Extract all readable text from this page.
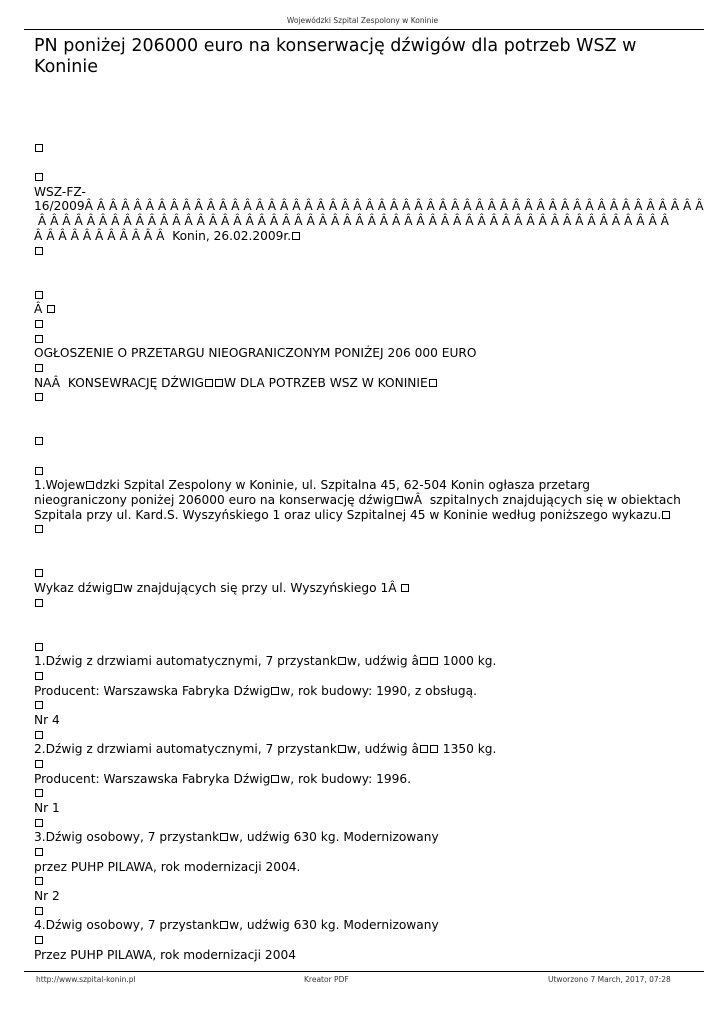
Wojewódzki Szpital Zespolony w Koninie
PN poniżej 206000 euro na konserwację dźwigów dla potrzeb WSZ w Koninie
WSZ-FZ-
16/2009Â Â Â Â Â Â Â Â Â Â Â Â Â Â Â Â Â Â Â Â Â Â Â Â Â Â Â Â Â Â Â Â Â Â Â Â Â Â Â Â Â Â Â Â Â Â Â Â Â Â Â
Â Â Â Â Â Â Â Â Â Â Â Â Â Â Â Â Â Â Â Â Â Â Â Â Â Â Â Â Â Â Â Â Â Â Â Â Â Â Â Â Â Â Â Â Â Â Â Â Â Â Â Â
Â Â Â Â Â Â Â Â Â Â Â  Konin, 26.02.2009r.
Â
OGŁOSZENIE O PRZETARGU NIEOGRANICZONYM PONIŻEJ 206 000 EURO
NAÂ  KONSEWRACJĘ DŹWIG W DLA POTRZEB WSZ W KONINIE
1.Wojew dzki Szpital Zespolony w Koninie, ul. Szpitalna 45, 62-504 Konin ogłasza przetarg
nieograniczony poniżej 206000 euro na konserwację dźwig wÂ  szpitalnych znajdujących się w obiektach
Szpitala przy ul. Kard.S. Wyszyńskiego 1 oraz ulicy Szpitalnej 45 w Koninie według poniższego wykazu.
Wykaz dźwig w znajdujących się przy ul. Wyszyńskiego 1Â
1.Dźwig z drzwiami automatycznymi, 7 przystank w, udźwig â 1000 kg.
Producent: Warszawska Fabryka Dźwig w, rok budowy: 1990, z obsługą.
Nr 4
2.Dźwig z drzwiami automatycznymi, 7 przystank w, udźwig â 1350 kg.
Producent: Warszawska Fabryka Dźwig w, rok budowy: 1996.
Nr 1
3.Dźwig osobowy, 7 przystank w, udźwig 630 kg. Modernizowany
przez PUHP PILAWA, rok modernizacji 2004.
Nr 2
4.Dźwig osobowy, 7 przystank w, udźwig 630 kg. Modernizowany
Przez PUHP PILAWA, rok modernizacji 2004
http://www.szpital-konin.pl	Kreator PDF	Utworzono 7 March, 2017, 07:28
